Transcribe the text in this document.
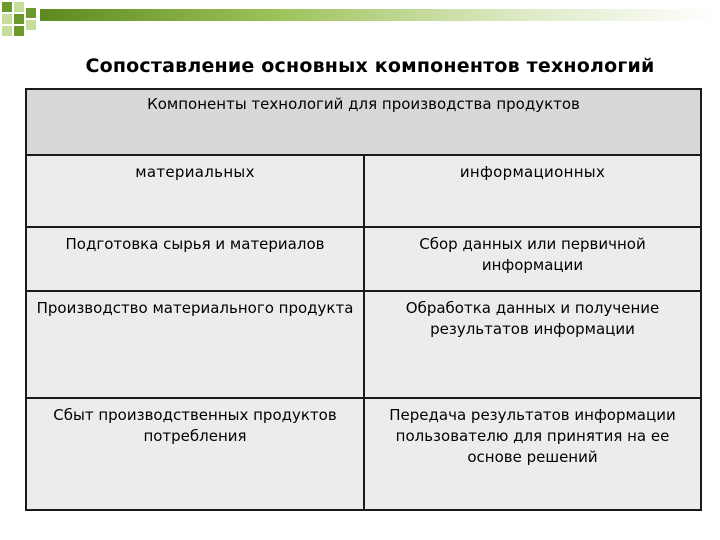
Сопоставление основных компонентов технологий
Компоненты технологий для производства продуктов	
материальных	информационных
Подготовка сырья и материалов	Сбор данных или первичной информации
Производство материального продукта	Обработка данных и получение результатов информации
Сбыт производственных продуктов потребления	Передача результатов информации пользователю для принятия на ее основе решений
